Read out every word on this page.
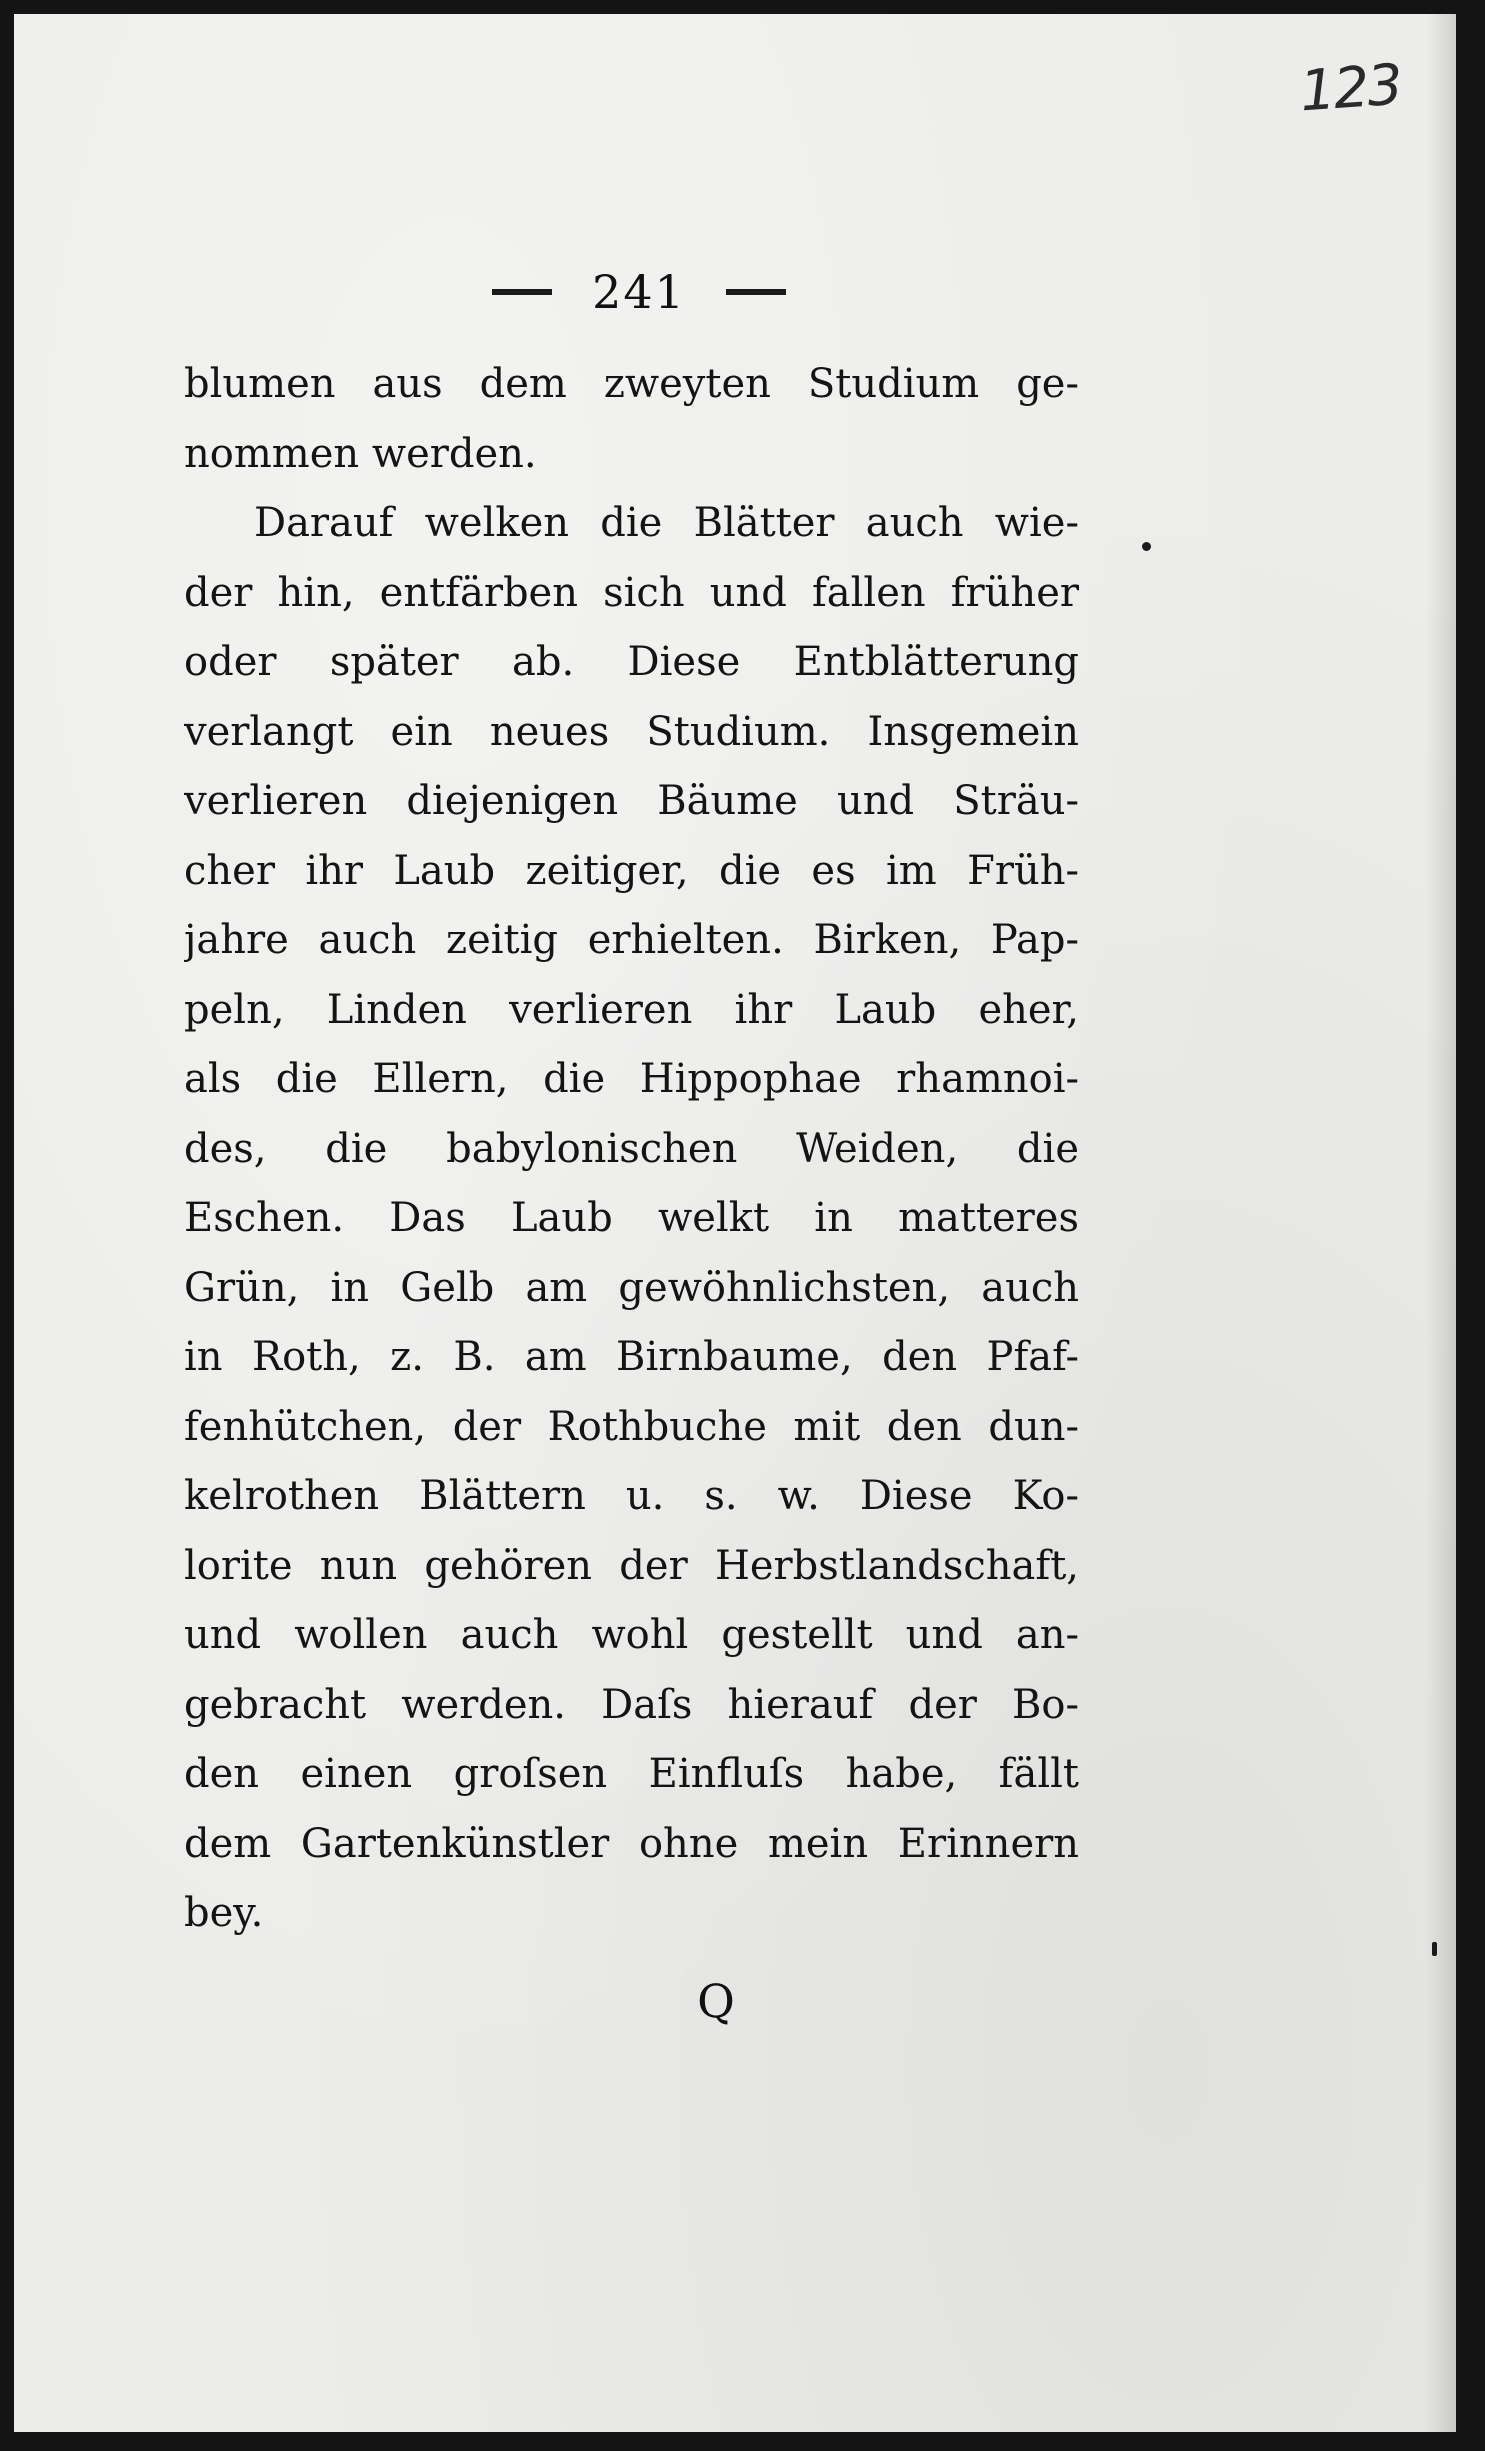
123
241
blumen aus dem zweyten Studium ge-
nommen werden.
Darauf welken die Blätter auch wie-
der hin, entfärben sich und fallen früher
oder später ab. Diese Entblätterung
verlangt ein neues Studium. Insgemein
verlieren diejenigen Bäume und Sträu-
cher ihr Laub zeitiger, die es im Früh-
jahre auch zeitig erhielten. Birken, Pap-
peln, Linden verlieren ihr Laub eher,
als die Ellern, die Hippophae rhamnoi-
des, die babylonischen Weiden, die
Eschen. Das Laub welkt in matteres
Grün, in Gelb am gewöhnlichsten, auch
in Roth, z. B. am Birnbaume, den Pfaf-
fenhütchen, der Rothbuche mit den dun-
kelrothen Blättern u. s. w. Diese Ko-
lorite nun gehören der Herbstlandschaft,
und wollen auch wohl gestellt und an-
gebracht werden. Daſs hierauf der Bo-
den einen groſsen Einfluſs habe, fällt
dem Gartenkünstler ohne mein Erinnern
bey.
Q
